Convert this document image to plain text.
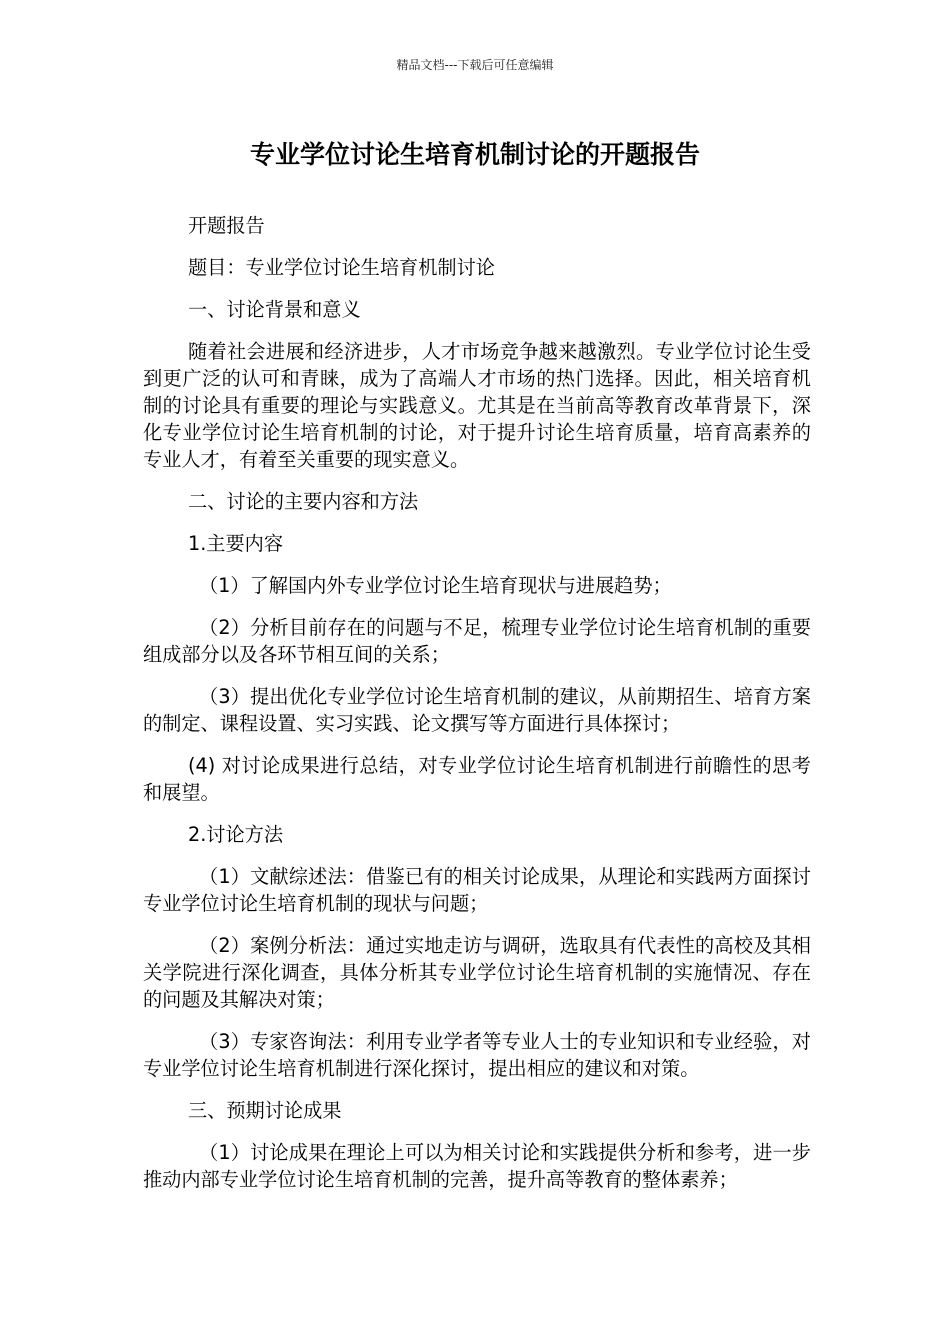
精品文档---下载后可任意编辑
专业学位讨论生培育机制讨论的开题报告

开题报告

题目：专业学位讨论生培育机制讨论

一、讨论背景和意义

随着社会进展和经济进步，人才市场竞争越来越激烈。专业学位讨论生受到更广泛的认可和青睐，成为了高端人才市场的热门选择。因此，相关培育机制的讨论具有重要的理论与实践意义。尤其是在当前高等教育改革背景下，深化专业学位讨论生培育机制的讨论，对于提升讨论生培育质量，培育高素养的专业人才，有着至关重要的现实意义。

二、讨论的主要内容和方法

1.主要内容

（1）了解国内外专业学位讨论生培育现状与进展趋势；

（2）分析目前存在的问题与不足，梳理专业学位讨论生培育机制的重要组成部分以及各环节相互间的关系；

（3）提出优化专业学位讨论生培育机制的建议，从前期招生、培育方案的制定、课程设置、实习实践、论文撰写等方面进行具体探讨；

(4) 对讨论成果进行总结，对专业学位讨论生培育机制进行前瞻性的思考和展望。

2.讨论方法

（1）文献综述法：借鉴已有的相关讨论成果，从理论和实践两方面探讨专业学位讨论生培育机制的现状与问题；

（2）案例分析法：通过实地走访与调研，选取具有代表性的高校及其相关学院进行深化调查，具体分析其专业学位讨论生培育机制的实施情况、存在的问题及其解决对策；

（3）专家咨询法：利用专业学者等专业人士的专业知识和专业经验，对专业学位讨论生培育机制进行深化探讨，提出相应的建议和对策。

三、预期讨论成果

（1）讨论成果在理论上可以为相关讨论和实践提供分析和参考，进一步推动内部专业学位讨论生培育机制的完善，提升高等教育的整体素养；
